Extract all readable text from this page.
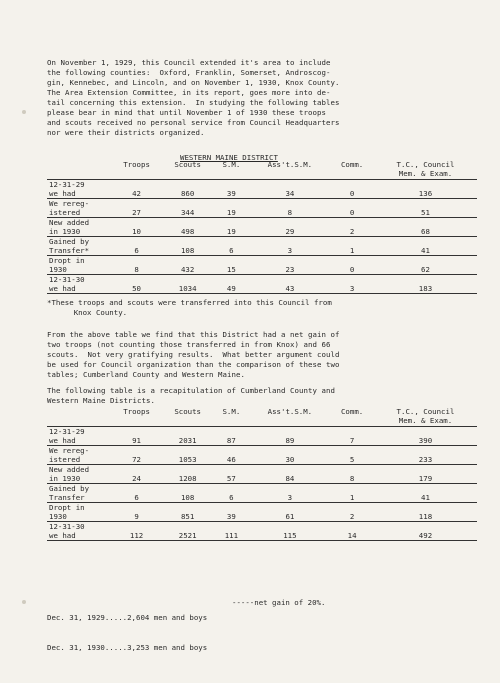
On November 1, 1929, this Council extended it's area to include
the following counties:  Oxford, Franklin, Somerset, Androscog-
gin, Kennebec, and Lincoln, and on November 1, 1930, Knox County.
The Area Extension Committee, in its report, goes more into de-
tail concerning this extension.  In studying the following tables
please bear in mind that until November 1 of 1930 these troops
and scouts received no personal service from Council Headquarters
nor were their districts organized.
WESTERN MAINE DISTRICT
	Troops	Scouts	S.M.	Ass't.S.M.	Comm.	T.C., Council
Mem. & Exam.
12-31-29
we had	42	860	39	34	0	136
We rereg-
istered	27	344	19	8	0	51
New added
in 1930	10	498	19	29	2	68
Gained by
Transfer*	6	108	6	3	1	41
Dropt in
1930	8	432	15	23	0	62
12-31-30
we had	50	1034	49	43	3	183
*These troops and scouts were transferred into this Council from
Knox County.
From the above table we find that this District had a net gain of
two troops (not counting those transferred in from Knox) and 66
scouts.  Not very gratifying results.  What better argument could
be used for Council organization than the comparison of these two
tables; Cumberland County and Western Maine.
The following table is a recapitulation of Cumberland County and
Western Maine Districts.
	Troops	Scouts	S.M.	Ass't.S.M.	Comm.	T.C., Council
Mem. & Exam.
12-31-29
we had	91	2031	87	89	7	390
We rereg-
istered	72	1053	46	30	5	233
New added
in 1930	24	1208	57	84	8	179
Gained by
Transfer	6	108	6	3	1	41
Dropt in
1930	9	851	39	61	2	118
12-31-30
we had	112	2521	111	115	14	492

Dec. 31, 1929.....2,604 men and boys

Dec. 31, 1930.....3,253 men and boys

-----net gain of 20%.
